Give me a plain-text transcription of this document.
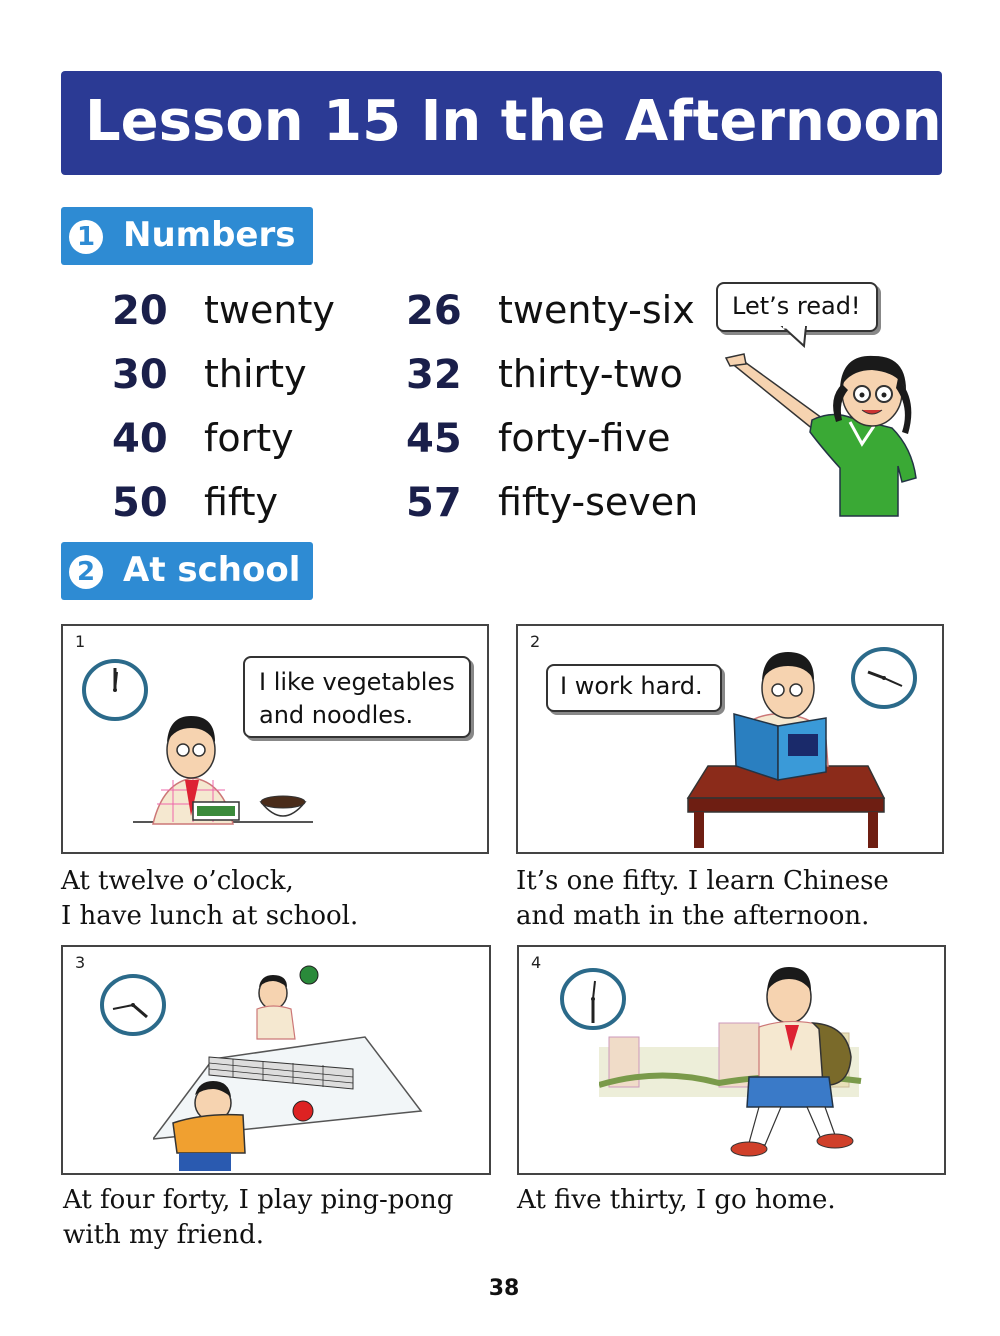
Lesson 15 In the Afternoon
1 Numbers
20 twenty
30 thirty
40 forty
50 fifty
26 twenty-six
32 thirty-two
45 forty-five
57 fifty-seven
Let’s read!
2 At school
1
I like vegetables
and noodles.
At twelve o’clock,
I have lunch at school.
2
I work hard.
It’s one fifty. I learn Chinese
and math in the afternoon.
3
At four forty, I play ping-pong
with my friend.
4
At five thirty, I go home.
38
